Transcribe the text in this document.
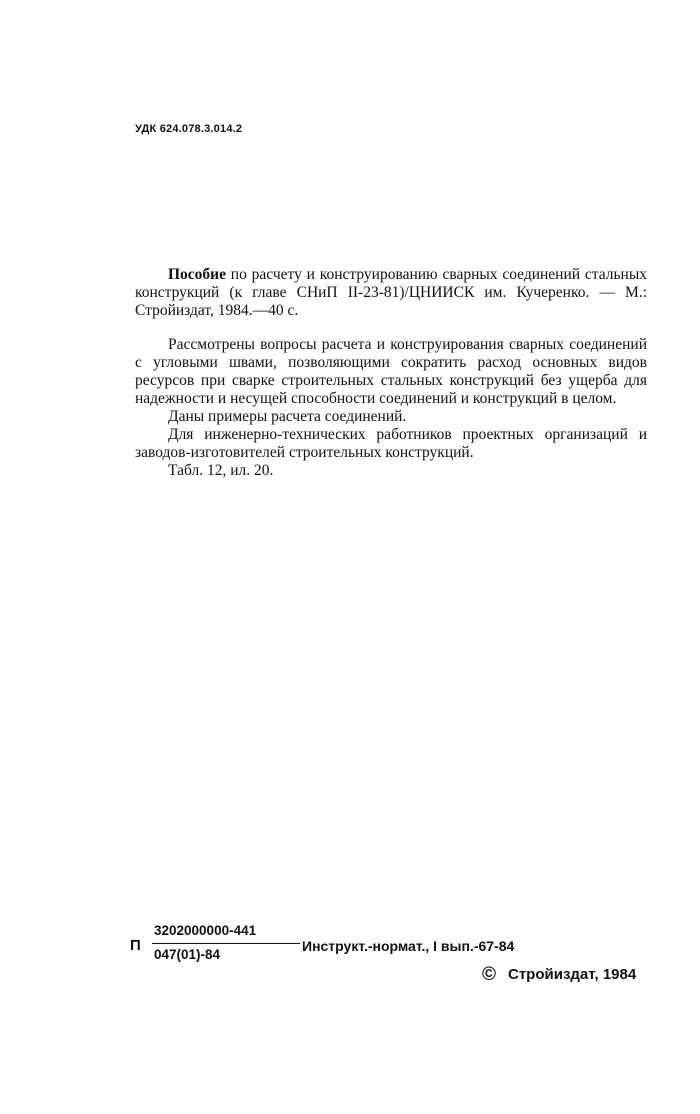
УДК 624.078.3.014.2

Пособие по расчету и конструированию сварных соединений стальных конструкций (к главе СНиП II-23-81)/ЦНИИСК им. Кучеренко. — М.: Стройиздат, 1984.—40 с.

Рассмотрены вопросы расчета и конструирования сварных соединений с угловыми швами, позволяющими сократить расход основных видов ресурсов при сварке строительных стальных конструкций без ущерба для надежности и несущей способности соединений и конструкций в целом.

Даны примеры расчета соединений.

Для инженерно-технических работников проектных организаций и заводов-изготовителей строительных конструкций.

Табл. 12, ил. 20.

П
3202000000-441
047(01)-84
Инструкт.-нормат., I вып.-67-84
© Стройиздат, 1984
